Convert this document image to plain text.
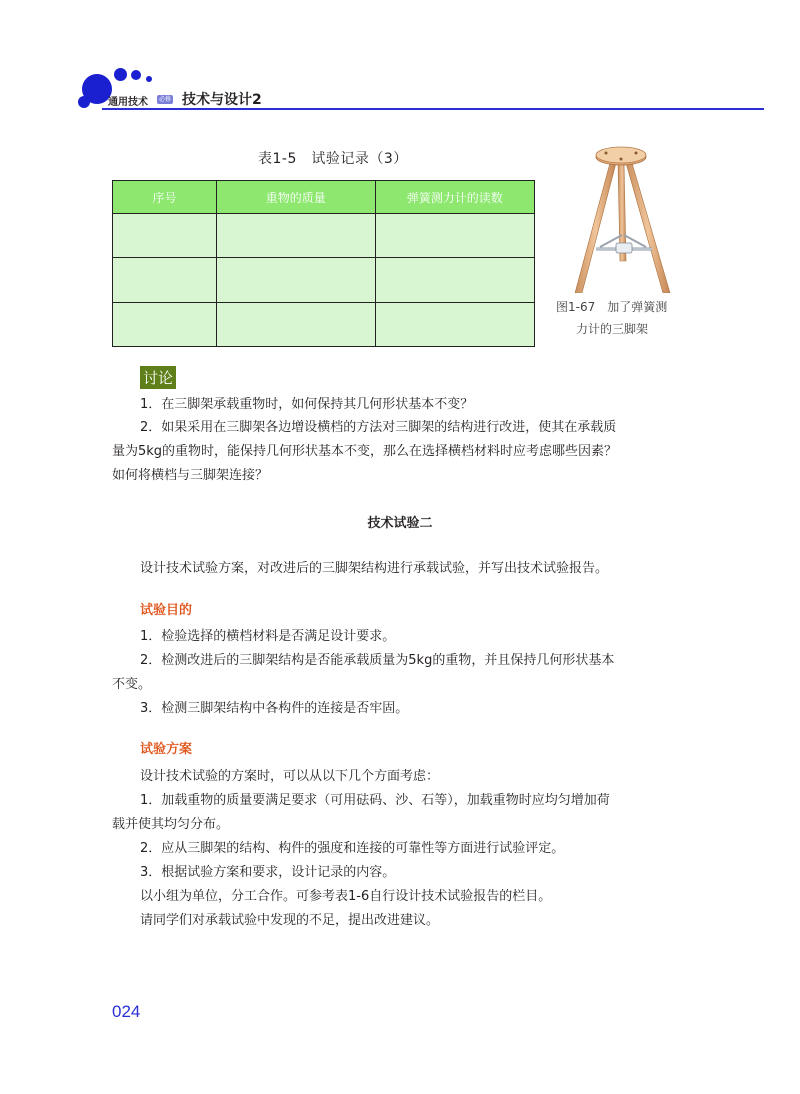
通用技术	必修 技术与设计2
表1-5　试验记录（3）
序号	重物的质量	弹簧测力计的读数

图1-67　加了弹簧测
力计的三脚架
讨论
1．在三脚架承载重物时，如何保持其几何形状基本不变？
2．如果采用在三脚架各边增设横档的方法对三脚架的结构进行改进，使其在承载质
量为5kg的重物时，能保持几何形状基本不变，那么在选择横档材料时应考虑哪些因素？
如何将横档与三脚架连接？
技术试验二
设计技术试验方案，对改进后的三脚架结构进行承载试验，并写出技术试验报告。
试验目的
1．检验选择的横档材料是否满足设计要求。
2．检测改进后的三脚架结构是否能承载质量为5kg的重物，并且保持几何形状基本
不变。
3．检测三脚架结构中各构件的连接是否牢固。
试验方案
设计技术试验的方案时，可以从以下几个方面考虑：
1．加载重物的质量要满足要求（可用砝码、沙、石等），加载重物时应均匀增加荷
载并使其均匀分布。
2．应从三脚架的结构、构件的强度和连接的可靠性等方面进行试验评定。
3．根据试验方案和要求，设计记录的内容。
以小组为单位，分工合作。可参考表1-6自行设计技术试验报告的栏目。
请同学们对承载试验中发现的不足，提出改进建议。
024
